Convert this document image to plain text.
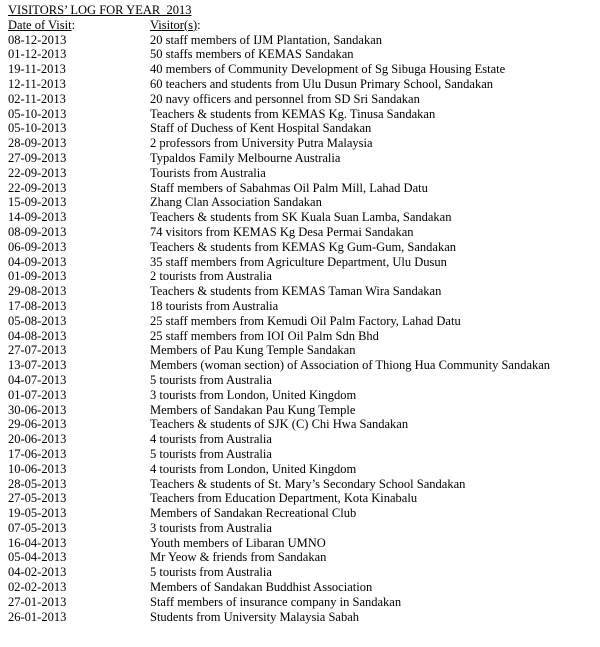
VISITORS’ LOG FOR YEAR  2013
Date of Visit:	Visitor(s):
08-12-2013	20 staff members of IJM Plantation, Sandakan
01-12-2013	50 staffs members of KEMAS Sandakan
19-11-2013	40 members of Community Development of Sg Sibuga Housing Estate
12-11-2013	60 teachers and students from Ulu Dusun Primary School, Sandakan
02-11-2013	20 navy officers and personnel from SD Sri Sandakan
05-10-2013	Teachers & students from KEMAS Kg. Tinusa Sandakan
05-10-2013	Staff of Duchess of Kent Hospital Sandakan
28-09-2013	2 professors from University Putra Malaysia
27-09-2013	Typaldos Family Melbourne Australia
22-09-2013	Tourists from Australia
22-09-2013	Staff members of Sabahmas Oil Palm Mill, Lahad Datu
15-09-2013	Zhang Clan Association Sandakan
14-09-2013	Teachers & students from SK Kuala Suan Lamba, Sandakan
08-09-2013	74 visitors from KEMAS Kg Desa Permai Sandakan
06-09-2013	Teachers & students from KEMAS Kg Gum-Gum, Sandakan
04-09-2013	35 staff members from Agriculture Department, Ulu Dusun
01-09-2013	2 tourists from Australia
29-08-2013	Teachers & students from KEMAS Taman Wira Sandakan
17-08-2013	18 tourists from Australia
05-08-2013	25 staff members from Kemudi Oil Palm Factory, Lahad Datu
04-08-2013	25 staff members from IOI Oil Palm Sdn Bhd
27-07-2013	Members of Pau Kung Temple Sandakan
13-07-2013	Members (woman section) of Association of Thiong Hua Community Sandakan
04-07-2013	5 tourists from Australia
01-07-2013	3 tourists from London, United Kingdom
30-06-2013	Members of Sandakan Pau Kung Temple
29-06-2013	Teachers & students of SJK (C) Chi Hwa Sandakan
20-06-2013	4 tourists from Australia
17-06-2013	5 tourists from Australia
10-06-2013	4 tourists from London, United Kingdom
28-05-2013	Teachers & students of St. Mary’s Secondary School Sandakan
27-05-2013	Teachers from Education Department, Kota Kinabalu
19-05-2013	Members of Sandakan Recreational Club
07-05-2013	3 tourists from Australia
16-04-2013	Youth members of Libaran UMNO
05-04-2013	Mr Yeow & friends from Sandakan
04-02-2013	5 tourists from Australia
02-02-2013	Members of Sandakan Buddhist Association
27-01-2013	Staff members of insurance company in Sandakan
26-01-2013	Students from University Malaysia Sabah
